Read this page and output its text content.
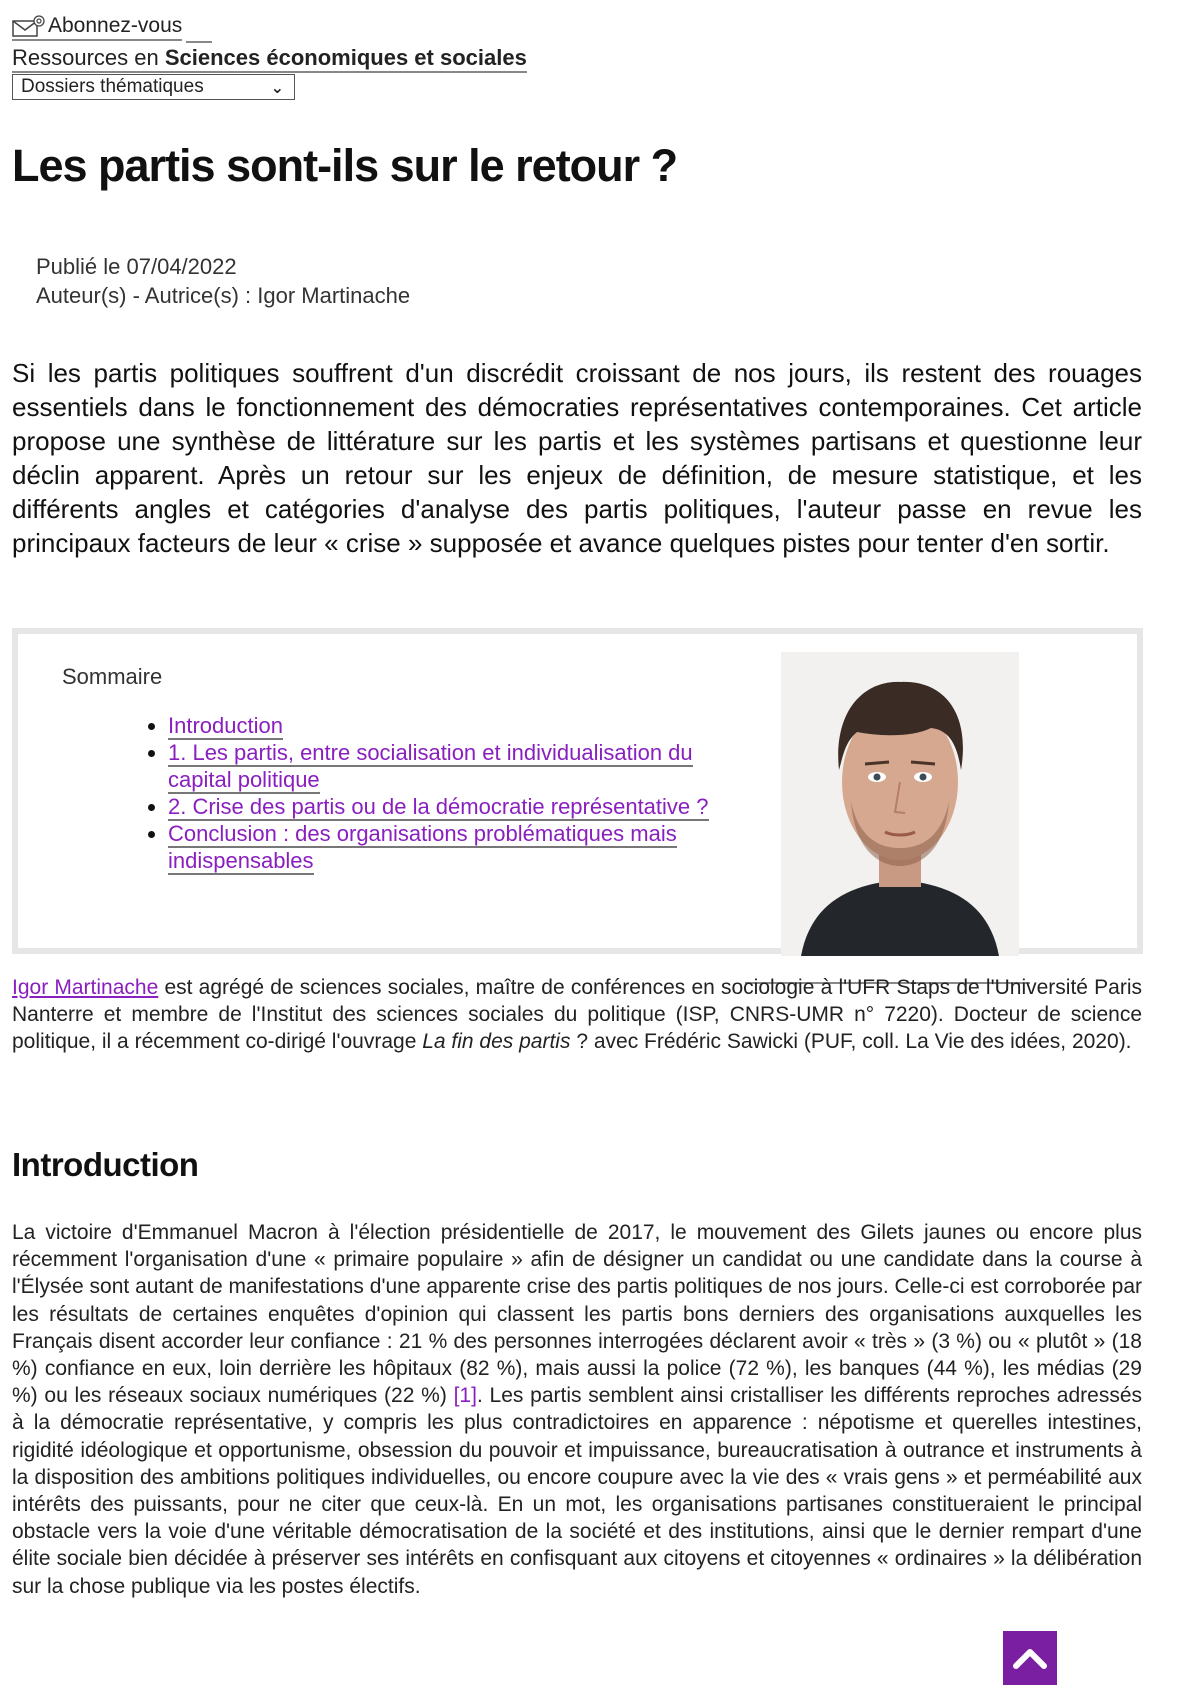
Abonnez-vous
Ressources en Sciences économiques et sociales
Dossiers thématiques	⌄
Les partis sont-ils sur le retour ?
Publié le 07/04/2022
Auteur(s) - Autrice(s) : Igor Martinache

Si les partis politiques souffrent d'un discrédit croissant de nos jours, ils restent des rouages essentiels dans le fonctionnement des démocraties représentatives contemporaines. Cet article propose une synthèse de littérature sur les partis et les systèmes partisans et questionne leur déclin apparent. Après un retour sur les enjeux de définition, de mesure statistique, et les différents angles et catégories d'analyse des partis politiques, l'auteur passe en revue les principaux facteurs de leur « crise » supposée et avance quelques pistes pour tenter d'en sortir.

Sommaire
• Introduction
• 1. Les partis, entre socialisation et individualisation du capital politique
• 2. Crise des partis ou de la démocratie représentative ?
• Conclusion : des organisations problématiques mais indispensables

Igor Martinache est agrégé de sciences sociales, maître de conférences en sociologie à l'UFR Staps de l'Université Paris Nanterre et membre de l'Institut des sciences sociales du politique (ISP, CNRS-UMR n° 7220). Docteur de science politique, il a récemment co-dirigé l'ouvrage La fin des partis ? avec Frédéric Sawicki (PUF, coll. La Vie des idées, 2020).

Introduction

La victoire d'Emmanuel Macron à l'élection présidentielle de 2017, le mouvement des Gilets jaunes ou encore plus récemment l'organisation d'une « primaire populaire » afin de désigner un candidat ou une candidate dans la course à l'Élysée sont autant de manifestations d'une apparente crise des partis politiques de nos jours. Celle-ci est corroborée par les résultats de certaines enquêtes d'opinion qui classent les partis bons derniers des organisations auxquelles les Français disent accorder leur confiance : 21 % des personnes interrogées déclarent avoir « très » (3 %) ou « plutôt » (18 %) confiance en eux, loin derrière les hôpitaux (82 %), mais aussi la police (72 %), les banques (44 %), les médias (29 %) ou les réseaux sociaux numériques (22 %) [1]. Les partis semblent ainsi cristalliser les différents reproches adressés à la démocratie représentative, y compris les plus contradictoires en apparence : népotisme et querelles intestines, rigidité idéologique et opportunisme, obsession du pouvoir et impuissance, bureaucratisation à outrance et instruments à la disposition des ambitions politiques individuelles, ou encore coupure avec la vie des « vrais gens » et perméabilité aux intérêts des puissants, pour ne citer que ceux-là. En un mot, les organisations partisanes constitueraient le principal obstacle vers la voie d'une véritable démocratisation de la société et des institutions, ainsi que le dernier rempart d'une élite sociale bien décidée à préserver ses intérêts en confisquant aux citoyens et citoyennes « ordinaires » la délibération sur la chose publique via les postes électifs.
